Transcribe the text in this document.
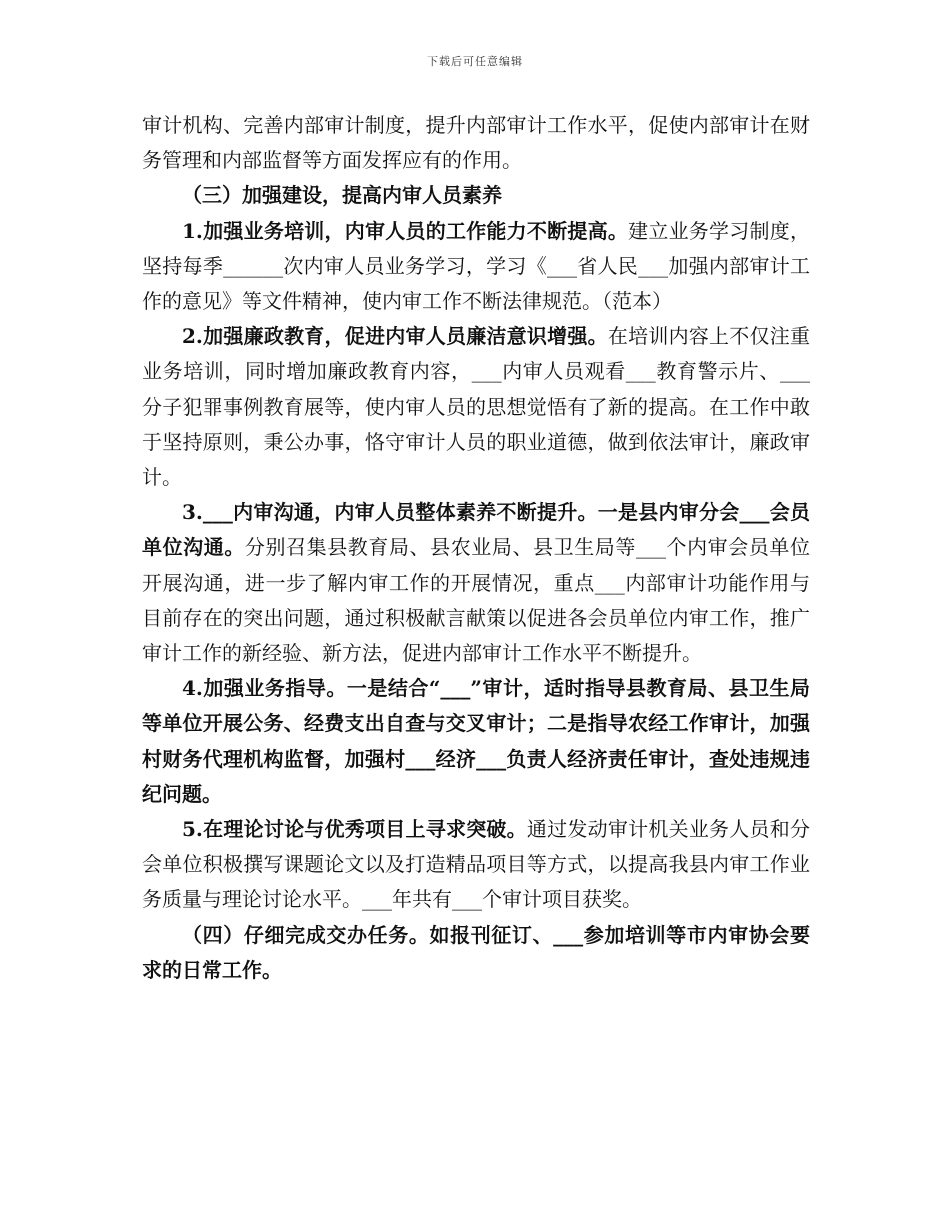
下载后可任意编辑

审计机构、完善内部审计制度，提升内部审计工作水平，促使内部审计在财务管理和内部监督等方面发挥应有的作用。

（三）加强建设，提高内审人员素养

1.加强业务培训，内审人员的工作能力不断提高。建立业务学习制度，坚持每季______次内审人员业务学习，学习《___省人民___加强内部审计工作的意见》等文件精神，使内审工作不断法律规范。（范本）

2.加强廉政教育，促进内审人员廉洁意识增强。在培训内容上不仅注重业务培训，同时增加廉政教育内容，___内审人员观看___教育警示片、___分子犯罪事例教育展等，使内审人员的思想觉悟有了新的提高。在工作中敢于坚持原则，秉公办事，恪守审计人员的职业道德，做到依法审计，廉政审计。

3.___内审沟通，内审人员整体素养不断提升。一是县内审分会___会员单位沟通。分别召集县教育局、县农业局、县卫生局等___个内审会员单位开展沟通，进一步了解内审工作的开展情况，重点___内部审计功能作用与目前存在的突出问题，通过积极献言献策以促进各会员单位内审工作，推广审计工作的新经验、新方法，促进内部审计工作水平不断提升。

4.加强业务指导。一是结合“___”审计，适时指导县教育局、县卫生局等单位开展公务、经费支出自查与交叉审计；二是指导农经工作审计，加强村财务代理机构监督，加强村___经济___负责人经济责任审计，查处违规违纪问题。

5.在理论讨论与优秀项目上寻求突破。通过发动审计机关业务人员和分会单位积极撰写课题论文以及打造精品项目等方式，以提高我县内审工作业务质量与理论讨论水平。___年共有___个审计项目获奖。

（四）仔细完成交办任务。如报刊征订、___参加培训等市内审协会要求的日常工作。
